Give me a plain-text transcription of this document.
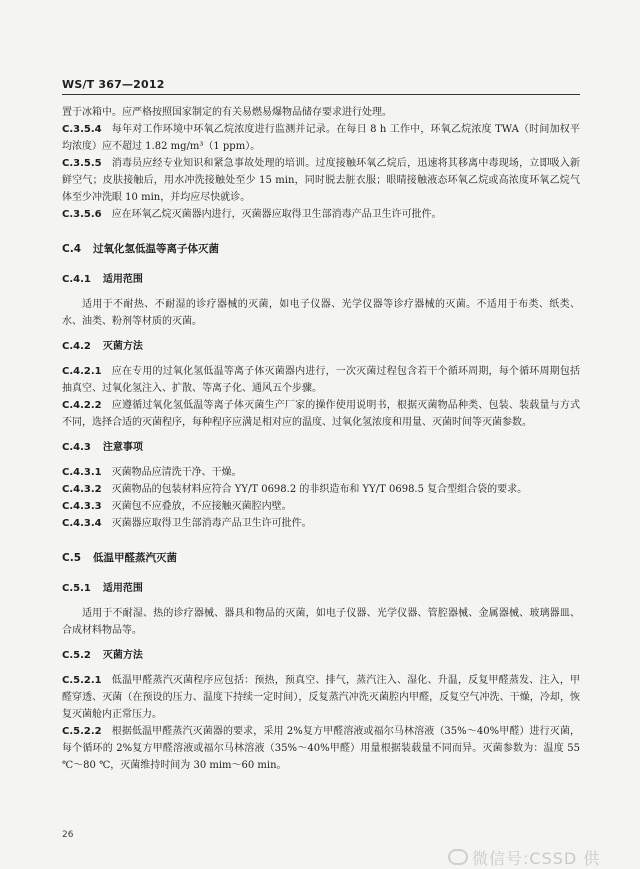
WS/T 367—2012

置于冰箱中。应严格按照国家制定的有关易燃易爆物品储存要求进行处理。

C.3.5.4 每年对工作环境中环氧乙烷浓度进行监测并记录。在每日 8 h 工作中，环氧乙烷浓度 TWA（时间加权平均浓度）应不超过 1.82 mg/m³（1 ppm）。

C.3.5.5 消毒员应经专业知识和紧急事故处理的培训。过度接触环氧乙烷后，迅速将其移离中毒现场，立即吸入新鲜空气；皮肤接触后，用水冲洗接触处至少 15 min，同时脱去脏衣服；眼睛接触液态环氧乙烷或高浓度环氧乙烷气体至少冲洗眼 10 min，并均应尽快就诊。

C.3.5.6 应在环氧乙烷灭菌器内进行，灭菌器应取得卫生部消毒产品卫生许可批件。

C.4 过氧化氢低温等离子体灭菌

C.4.1 适用范围

适用于不耐热、不耐湿的诊疗器械的灭菌，如电子仪器、光学仪器等诊疗器械的灭菌。不适用于布类、纸类、水、油类、粉剂等材质的灭菌。

C.4.2 灭菌方法

C.4.2.1 应在专用的过氧化氢低温等离子体灭菌器内进行，一次灭菌过程包含若干个循环周期，每个循环周期包括抽真空、过氧化氢注入、扩散、等离子化、通风五个步骤。

C.4.2.2 应遵循过氧化氢低温等离子体灭菌生产厂家的操作使用说明书，根据灭菌物品种类、包装、装载量与方式不同，选择合适的灭菌程序，每种程序应满足相对应的温度、过氧化氢浓度和用量、灭菌时间等灭菌参数。

C.4.3 注意事项

C.4.3.1 灭菌物品应清洗干净、干燥。

C.4.3.2 灭菌物品的包装材料应符合 YY/T 0698.2 的非织造布和 YY/T 0698.5 复合型组合袋的要求。

C.4.3.3 灭菌包不应叠放，不应接触灭菌腔内壁。

C.4.3.4 灭菌器应取得卫生部消毒产品卫生许可批件。

C.5 低温甲醛蒸汽灭菌

C.5.1 适用范围

适用于不耐湿、热的诊疗器械、器具和物品的灭菌，如电子仪器、光学仪器、管腔器械、金属器械、玻璃器皿、合成材料物品等。

C.5.2 灭菌方法

C.5.2.1 低温甲醛蒸汽灭菌程序应包括：预热，预真空、排气，蒸汽注入、湿化、升温，反复甲醛蒸发、注入，甲醛穿透、灭菌（在预设的压力、温度下持续一定时间），反复蒸汽冲洗灭菌腔内甲醛，反复空气冲洗、干燥，冷却，恢复灭菌舱内正常压力。

C.5.2.2 根据低温甲醛蒸汽灭菌器的要求，采用 2%复方甲醛溶液或福尔马林溶液（35%～40%甲醛）进行灭菌，每个循环的 2%复方甲醛溶液或福尔马林溶液（35%～40%甲醛）用量根据装载量不同而异。灭菌参数为：温度 55 ℃～80 ℃，灭菌维持时间为 30 mim～60 min。

26
微信号:CSSD 供
